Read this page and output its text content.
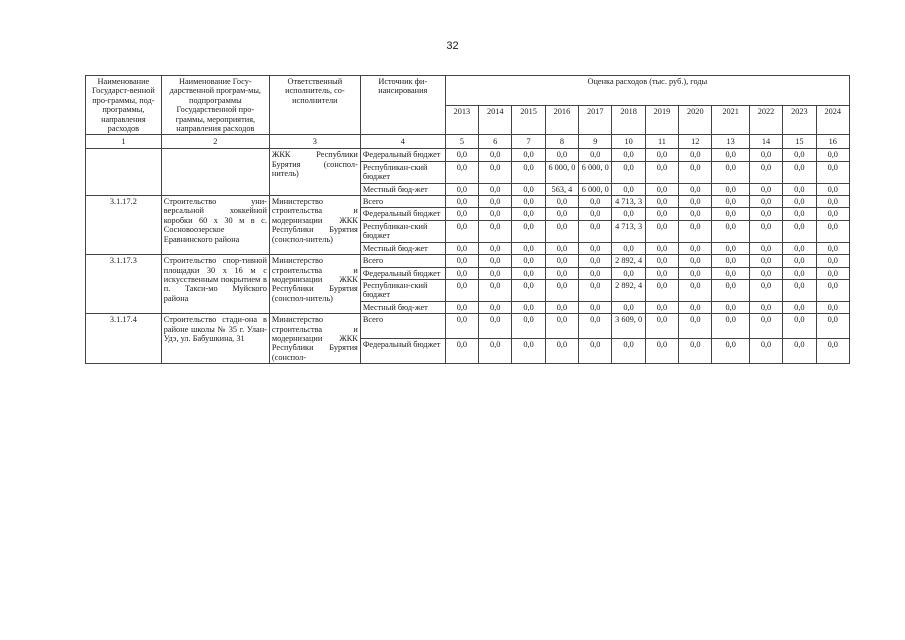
32
Наименование Государст-венной про-граммы, под-программы, направления расходов	Наименование Госу-дарственной програм-мы, подпрограммы Государственной про-граммы, мероприятия, направления расходов	Ответственный исполнитель, со-исполнители	Источник фи-нансирования	Оценка расходов (тыс. руб.), годы											
				2013	2014	2015	2016	2017	2018	2019	2020	2021	2022	2023	2024
1	2	3	4	5	6	7	8	9	10	11	12	13	14	15	16
		ЖКК Республики Бурятия (сонспол-нитель)	Федеральный бюджет	0,0	0,0	0,0	0,0	0,0	0,0	0,0	0,0	0,0	0,0	0,0	0,0
			Республикан-ский бюджет	0,0	0,0	0,0	6 000, 0	6 000, 0	0,0	0,0	0,0	0,0	0,0	0,0	0,0
			Местный бюд-жет	0,0	0,0	0,0	563, 4	6 000, 0	0,0	0,0	0,0	0,0	0,0	0,0	0,0
3.1.17.2	Строительство уни-версальной хоккейной коробки 60 х 30 м в с. Сосновоозерское Еравнинского района	Министерство строительства и модернизации ЖКК Республики Бурятия (сонспол-нитель)	Всего	0,0	0,0	0,0	0,0	0,0	4 713, 3	0,0	0,0	0,0	0,0	0,0	0,0
			Федеральный бюджет	0,0	0,0	0,0	0,0	0,0	0,0	0,0	0,0	0,0	0,0	0,0	0,0
			Республикан-ский бюджет	0,0	0,0	0,0	0,0	0,0	4 713, 3	0,0	0,0	0,0	0,0	0,0	0,0
			Местный бюд-жет	0,0	0,0	0,0	0,0	0,0	0,0	0,0	0,0	0,0	0,0	0,0	0,0
3.1.17.3	Строительство спор-тивной площадки 30 х 16 м с искусственным покрытием в п. Такси-мо Муйского района	Министерство строительства и модернизации ЖКК Республики Бурятия (сонспол-нитель)	Всего	0,0	0,0	0,0	0,0	0,0	2 892, 4	0,0	0,0	0,0	0,0	0,0	0,0
			Федеральный бюджет	0,0	0,0	0,0	0,0	0,0	0,0	0,0	0,0	0,0	0,0	0,0	0,0
			Республикан-ский бюджет	0,0	0,0	0,0	0,0	0,0	2 892, 4	0,0	0,0	0,0	0,0	0,0	0,0
			Местный бюд-жет	0,0	0,0	0,0	0,0	0,0	0,0	0,0	0,0	0,0	0,0	0,0	0,0
3.1.17.4	Строительство стади-она в районе школы № 35 г. Улан-Удэ, ул. Бабушкина, 31	Министерство строительства и модернизации ЖКК Республики Бурятия (сонспол-	Всего	0,0	0,0	0,0	0,0	0,0	3 609, 0	0,0	0,0	0,0	0,0	0,0	0,0
			Федеральный бюджет	0,0	0,0	0,0	0,0	0,0	0,0	0,0	0,0	0,0	0,0	0,0	0,0
